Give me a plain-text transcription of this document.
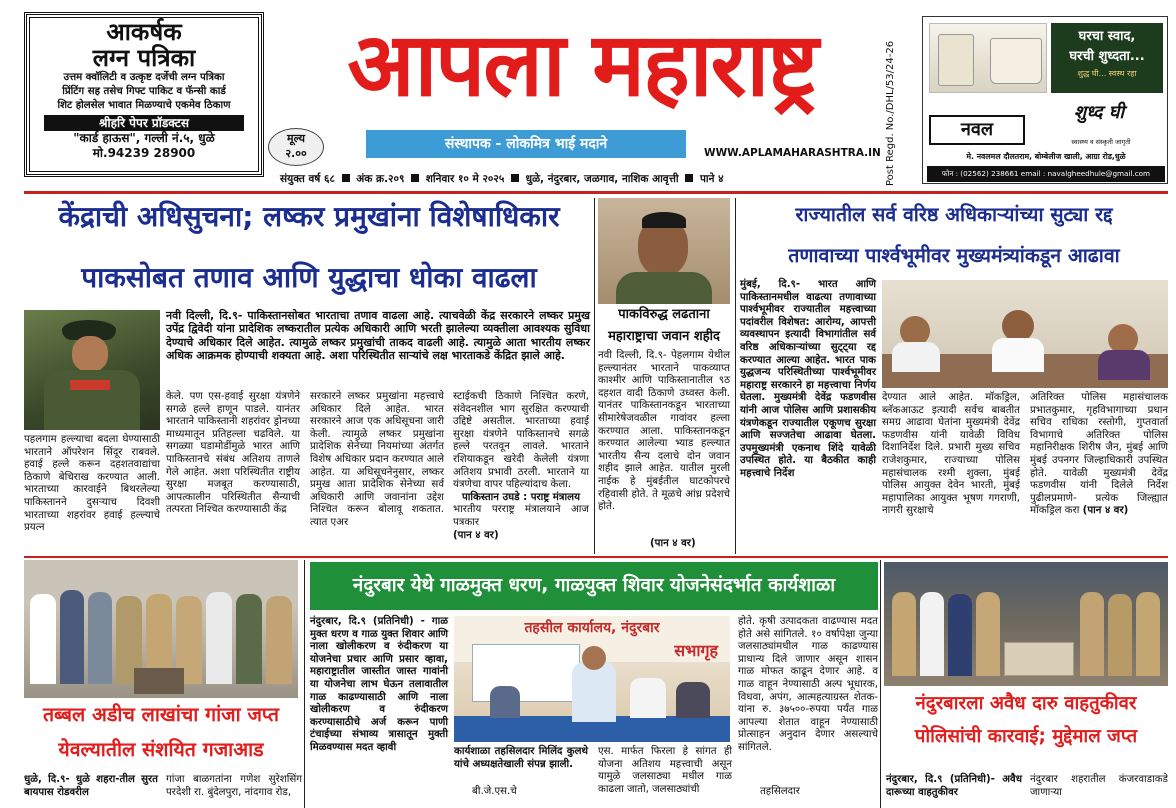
आकर्षक
लग्न पत्रिका
उत्तम क्वॉलिटी व उत्कृष्ट दर्जेची लग्न पत्रिका
प्रिंटिंग सह तसेच गिफ्ट पाकिट व फॅन्सी कार्ड
शिट होलसेल भावात मिळण्याचे एकमेव ठिकाण
श्रीहरि पेपर प्रॉडक्टस
"कार्ड हाऊस", गल्ली नं.५, धुळे
मो.94239 28900
मूल्य
२.००
आपला महाराष्ट्र
संस्थापक - लोकमित्र भाई मदाने
WWW.APLAMAHARASHTRA.IN Post Regd. No./DHL/53/24-26
घरचा स्वाद,
घरची शुध्दता...
शुद्ध घी... स्वस्थ रहा
नवल
शुध्द घी
स्वास्थ्य व संस्कृती जागृती
मे. नवलमल दौलतराम, बोम्बेलीज खाली, आग्रा रोड,धुळे
फोन : (02562) 238661 email : navalgheedhule@gmail.com
संयुक्त वर्ष ६८ अंक क्र.२०९ शनिवार १० मे २०२५ धुळे, नंदुरबार, जळगाव, नाशिक आवृत्ती पाने ४
केंद्राची अधिसुचना; लष्कर प्रमुखांना विशेषाधिकार
पाकसोबत तणाव आणि युद्धाचा धोका वाढला
नवी दिल्ली, दि.९- पाकिस्तानसोबत भारताचा तणाव वाढला आहे. त्याचवेळी केंद्र सरकारने लष्कर प्रमुख उपेंद्र द्विवेदी यांना प्रादेशिक लष्करातील प्रत्येक अधिकारी आणि भरती झालेल्या व्यक्तीला आवश्यक सुविधा देण्याचे अधिकार दिले आहेत. त्यामुळे लष्कर प्रमुखांची ताकद वाढली आहे. त्यामुळे आता भारतीय लष्कर अधिक आक्रमक होण्याची शक्यता आहे. अशा परिस्थितीत साऱ्यांचे लक्ष भारताकडे केंद्रित झाले आहे.
पहलगाम हल्ल्याचा बदला घेण्यासाठी भारताने ऑपरेशन सिंदूर राबवले. हवाई हल्ले करून दहशतवाद्यांचा ठिकाणे बेचिराख करण्यात आली. भारताच्या कारवाईने बिथरलेल्या पाकिस्तानने दुसऱ्याच दिवशी भारताच्या शहरांवर हवाई हल्ल्याचे प्रयत्न
केले. पण एस-हवाई सुरक्षा यंत्रणेने सगळे हल्ले हाणून पाडले. यानंतर भारताने पाकिस्तानी शहरांवर ड्रोनच्या माध्यमातून प्रतिहल्ला चढविले. या सगळ्या घडामोडींमुळे भारत आणि पाकिस्तानचे संबंध अतिशय ताणले गेले आहेत. अशा परिस्थितीत राष्ट्रीय सुरक्षा मजबूत करण्यासाठी, आपत्कालीन परिस्थितीत सैन्याची तत्परता निश्चित करण्यासाठी केंद्र
सरकारने लष्कर प्रमुखांना महत्त्वाचे अधिकार दिले आहेत. भारत सरकारने आज एक अधिसूचना जारी केली. त्यामुळे लष्कर प्रमुखांना प्रादेशिक सेनेच्या नियमांच्या अंतर्गत विशेष अधिकार प्रदान करण्यात आले आहेत. या अधिसूचनेनुसार, लष्कर प्रमुख आता प्रादेशिक सेनेच्या सर्व अधिकारी आणि जवानांना उद्देश निश्चित करून बोलावू शकतात. त्यात एअर
स्टाईकची ठिकाणे निश्चित करणे, संवेदनशील भाग सुरक्षित करण्याची उद्दिष्टे असतील. भारताच्या हवाई सुरक्षा यंत्रणेने पाकिस्तानचे सगळे हल्ले परतवून लावले. भारताने रशियाकडून खरेदी केलेली यंत्रणा अतिशय प्रभावी ठरली. भारताने या यंत्रणेचा वापर पहिल्यांदाच केला.
पाकिस्तान उघडे : पराष्ट्र मंत्रालय
भारतीय परराष्ट्र मंत्रालयाने आज पत्रकार
(पान ४ वर)
पाकविरुद्ध लढताना
महाराष्ट्राचा जवान शहीद
नवी दिल्ली, दि.९- पेहलगाम येथील हल्ल्यानंतर भारताने पाकव्याप्त काश्मीर आणि पाकिस्तानातील ९ठ दहशत वादी ठिकाणे उध्वस्त केली. यानंतर पाकिस्तानकडून भारताच्या सीमारेषेजवळील गावांवर हल्ला करण्यात आला. पाकिस्तानकडून करण्यात आलेल्या भ्याड हल्ल्यात भारतीय सैन्य दलाचे दोन जवान शहीद झाले आहेत. यातील मुरली नाईक हे मुंबईतील घाटकोपरचे रहिवासी होते. ते मूळचे आंध्र प्रदेशचे होते.
(पान ४ वर)
राज्यातील सर्व वरिष्ठ अधिकाऱ्यांच्या सुट्या रद्द
तणावाच्या पार्श्वभूमीवर मुख्यमंत्र्यांकडून आढावा
मुंबई, दि.९- भारत आणि पाकिस्तानमधील वाढत्या तणावाच्या पार्श्वभूमीवर राज्यातील महत्त्वाच्या पदांवरील विशेषत: आरोग्य, आपत्ती व्यवस्थापन इत्यादी विभागांतील सर्व वरिष्ठ अधिकाऱ्यांच्या सुट्ट्या रद्द करण्यात आल्या आहेत. भारत पाक युद्धजन्य परिस्थितीच्या पार्श्वभूमीवर महाराष्ट्र सरकारने हा महत्त्वाचा निर्णय घेतला. मुख्यमंत्री देवेंद्र फडणवीस यांनी आज पोलिस आणि प्रशासकीय यंत्रणेकडून राज्यातील एकूणच सुरक्षा आणि सज्जतेचा आढावा घेतला. उपमुख्यमंत्री एकनाथ शिंदे यावेळी उपस्थित होते. या बैठकीत काही महत्त्वाचे निर्देश
देण्यात आले आहेत. मॉकड्रिल, ब्लॅकआऊट इत्यादी सर्वच बाबतीत समग्र आढावा घेतांना मुख्यमंत्री देवेंद्र फडणवीस यांनी यावेळी विविध दिशानिर्देश दिले. प्रभारी मुख्य सचिव राजेशकुमार, राज्याच्या पोलिस महासंचालक रश्मी शुक्ला, मुंबई पोलिस आयुक्त देवेन भारती, मुंबई महापालिका आयुक्त भूषण गगराणी, नागरी सुरक्षाचे
अतिरिक्त पोलिस महासंचालक प्रभातकुमार, गृहविभागाच्या प्रधान सचिव राधिका रस्तोगी, गुप्तवार्ता विभागाचे अतिरिक्त पोलिस महानिरीक्षक शिरीष जैन, मुंबई आणि मुंबई उपनगर जिल्हाधिकारी उपस्थित होते. यावेळी मुख्यमंत्री देवेंद्र फडणवीस यांनी दिलेले निर्देश पुढीलप्रमाणे- प्रत्येक जिल्ह्यात मॉकड्रिल करा (पान ४ वर)
तब्बल अडीच लाखांचा गांजा जप्त
येवल्यातील संशयित गजाआड
धुळे, दि.९- धुळे शहरा-तील सुरत बायपास रोडवरील
गांजा बाळगतांना गणेश सुरेशसिंग परदेशी रा. बुंदेलपुरा, नांदगाव रोड,
नंदुरबार येथे गाळमुक्त धरण, गाळयुक्त शिवार योजनेसंदर्भात कार्यशाळा
नंदुरबार, दि.९ (प्रतिनिधी) - गाळ मुक्त धरण व गाळ युक्त शिवार आणि नाला खोलीकरण व रुंदीकरण या योजनेचा प्रचार आणि प्रसार व्हावा, महाराष्ट्रातील जास्तीत जास्त गावांनी या योजनेचा लाभ घेऊन तलावातील गाळ काढण्यासाठी आणि नाला खोलीकरण व रुंदीकरण करण्यासाठीचे अर्ज करून पाणी टंचाईच्या संभाव्य त्रासातून मुक्ती मिळवण्यास मदत व्हावी
तहसील कार्यालय, नंदुरबार
सभागृह
होते. कृषी उत्पादकता वाढण्यास मदत होते असे सांगितले. १० वर्षापेक्षा जुन्या जलसाठ्यांमधील गाळ काढण्यास प्राधान्य दिले जाणार असून शासन गाळ मोफत काढून देणार आहे. व गाळ वाहून नेण्यासाठी अल्प भूधारक, विधवा, अपंग, आत्महत्याग्रस्त शेतक-यांना रु. ३७५००-रुपया पर्यंत गाळ आपल्या शेतात वाहून नेण्यासाठी प्रोत्साहन अनुदान देणार असल्याचे सांगितले.
कार्यशाळा तहसिलदार मिलिंद कुलथे यांचे अध्यक्षतेखाली संपन्न झाली.
बी.जे.एस.चे
एस. मार्फत फिरला हे सांगत ही योजना अतिशय महत्त्वाची असून यामुळे जलसाठ्या मधील गाळ काढला जातो, जलसाठ्यांची	तहसिलदार
नंदुरबारला अवैध दारु वाहतुकीवर
पोलिसांची कारवाई; मुद्देमाल जप्त
नंदुरबार, दि.९ (प्रतिनिधी)- अवैध दारूच्या वाहतुकीवर
नंदुरबार शहरातील कंजरवाडाकडे जाणाऱ्या
